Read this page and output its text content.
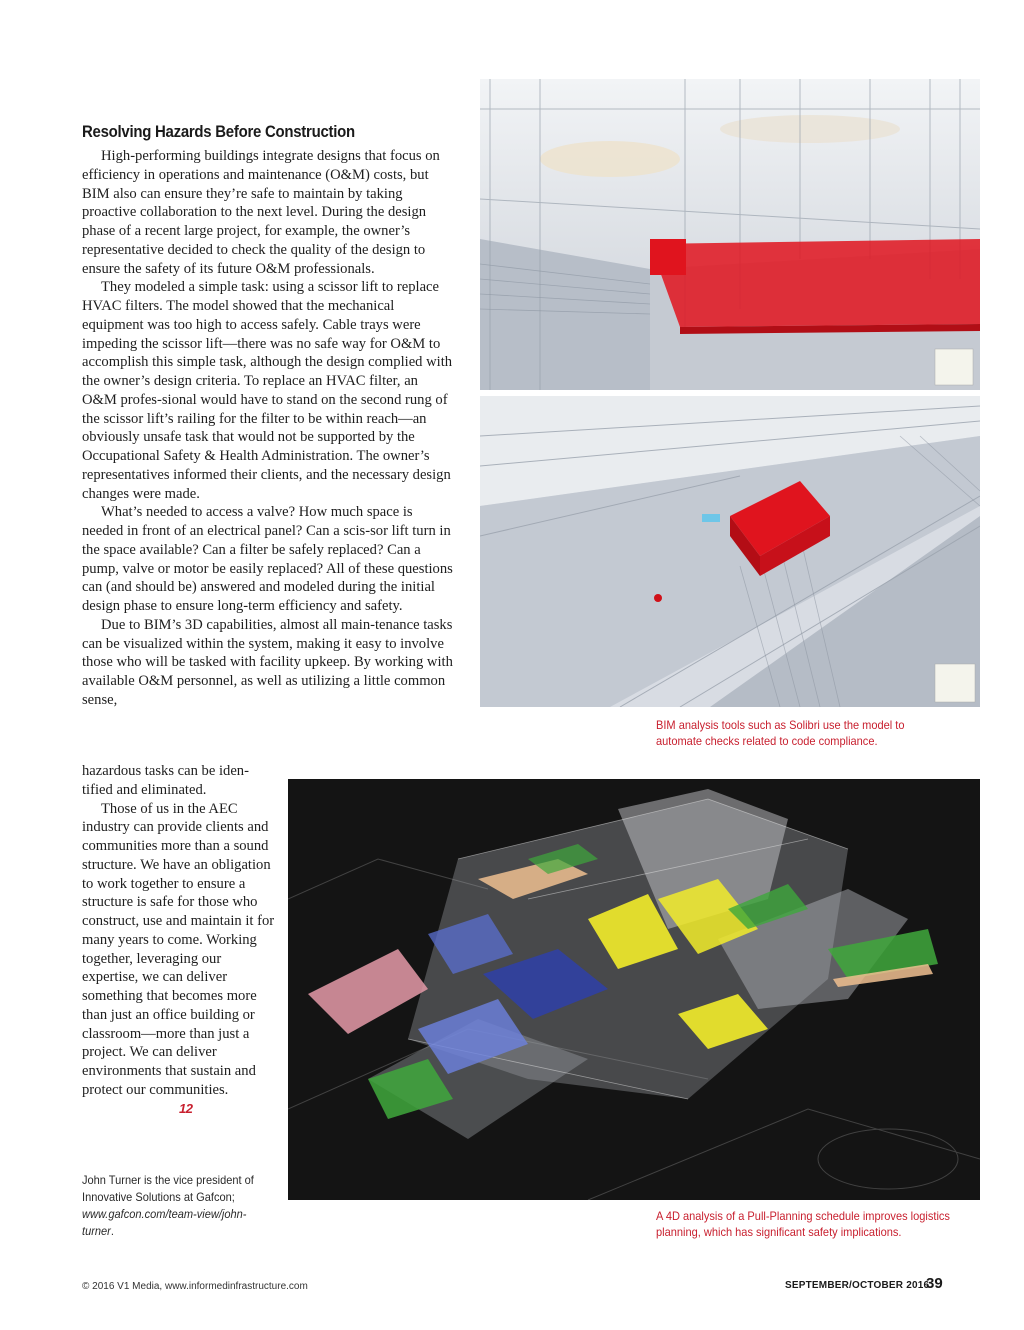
Resolving Hazards Before Construction

High-performing buildings integrate designs that focus on efficiency in operations and maintenance (O&M) costs, but BIM also can ensure they’re safe to maintain by taking proactive collaboration to the next level. During the design phase of a recent large project, for example, the owner’s representative decided to check the quality of the design to ensure the safety of its future O&M professionals.

They modeled a simple task: using a scissor lift to replace HVAC filters. The model showed that the mechanical equipment was too high to access safely. Cable trays were impeding the scissor lift—there was no safe way for O&M to accomplish this simple task, although the design complied with the owner’s design criteria. To replace an HVAC filter, an O&M profes-sional would have to stand on the second rung of the scissor lift’s railing for the filter to be within reach—an obviously unsafe task that would not be supported by the Occupational Safety & Health Administration. The owner’s representatives informed their clients, and the necessary design changes were made.

What’s needed to access a valve? How much space is needed in front of an electrical panel? Can a scis-sor lift turn in the space available? Can a filter be safely replaced? Can a pump, valve or motor be easily replaced? All of these questions can (and should be) answered and modeled during the initial design phase to ensure long-term efficiency and safety.

Due to BIM’s 3D capabilities, almost all main-tenance tasks can be visualized within the system, making it easy to involve those who will be tasked with facility upkeep. By working with available O&M personnel, as well as utilizing a little common sense,

hazardous tasks can be iden-tified and eliminated.

Those of us in the AEC industry can provide clients and communities more than a sound structure. We have an obligation to work together to ensure a structure is safe for those who construct, use and maintain it for many years to come. Working together, leveraging our expertise, we can deliver something that becomes more than just an office building or classroom—more than just a project. We can deliver environments that sustain and protect our communities.12

John Turner is the vice president of Innovative Solutions at Gafcon; www.gafcon.com/team-view/john-turner.
BIM analysis tools such as Solibri use the model to automate checks related to code compliance.
A 4D analysis of a Pull-Planning schedule improves logistics planning, which has significant safety implications.
© 2016 V1 Media, www.informedinfrastructure.com	SEPTEMBER/OCTOBER 2016
39
